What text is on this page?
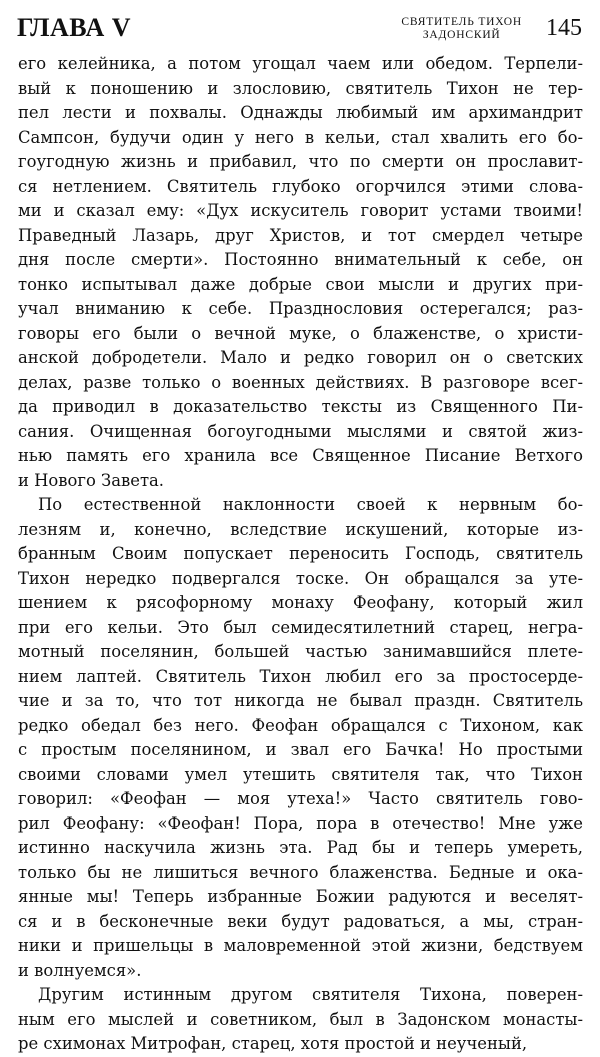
ГЛАВА V	СВЯТИТЕЛЬ ТИХОН
ЗАДОНСКИЙ	145
его келейника, а потом угощал чаем или обедом. Терпели-
вый к поношению и злословию, святитель Тихон не тер-
пел лести и похвалы. Однажды любимый им архимандрит
Сампсон, будучи один у него в кельи, стал хвалить его бо-
гоугодную жизнь и прибавил, что по смерти он прославит-
ся нетлением. Святитель глубоко огорчился этими слова-
ми и сказал ему: «Дух искуситель говорит устами твоими!
Праведный Лазарь, друг Христов, и тот смердел четыре
дня после смерти». Постоянно внимательный к себе, он
тонко испытывал даже добрые свои мысли и других при-
учал вниманию к себе. Празднословия остерегался; раз-
говоры его были о вечной муке, о блаженстве, о христи-
анской добродетели. Мало и редко говорил он о светских
делах, разве только о военных действиях. В разговоре всег-
да приводил в доказательство тексты из Священного Пи-
сания. Очищенная богоугодными мыслями и святой жиз-
нью память его хранила все Священное Писание Ветхого
и Нового Завета.
По естественной наклонности своей к нервным бо-
лезням и, конечно, вследствие искушений, которые из-
бранным Своим попускает переносить Господь, святитель
Тихон нередко подвергался тоске. Он обращался за уте-
шением к рясофорному монаху Феофану, который жил
при его кельи. Это был семидесятилетний старец, негра-
мотный поселянин, большей частью занимавшийся плете-
нием лаптей. Святитель Тихон любил его за простосерде-
чие и за то, что тот никогда не бывал праздн. Святитель
редко обедал без него. Феофан обращался с Тихоном, как
с простым поселянином, и звал его Бачка! Но простыми
своими словами умел утешить святителя так, что Тихон
говорил: «Феофан — моя утеха!» Часто святитель гово-
рил Феофану: «Феофан! Пора, пора в отечество! Мне уже
истинно наскучила жизнь эта. Рад бы и теперь умереть,
только бы не лишиться вечного блаженства. Бедные и ока-
янные мы! Теперь избранные Божии радуются и веселят-
ся и в бесконечные веки будут радоваться, а мы, стран-
ники и пришельцы в маловременной этой жизни, бедствуем
и волнуемся».
Другим истинным другом святителя Тихона, поверен-
ным его мыслей и советником, был в Задонском монасты-
ре схимонах Митрофан, старец, хотя простой и неученый,
